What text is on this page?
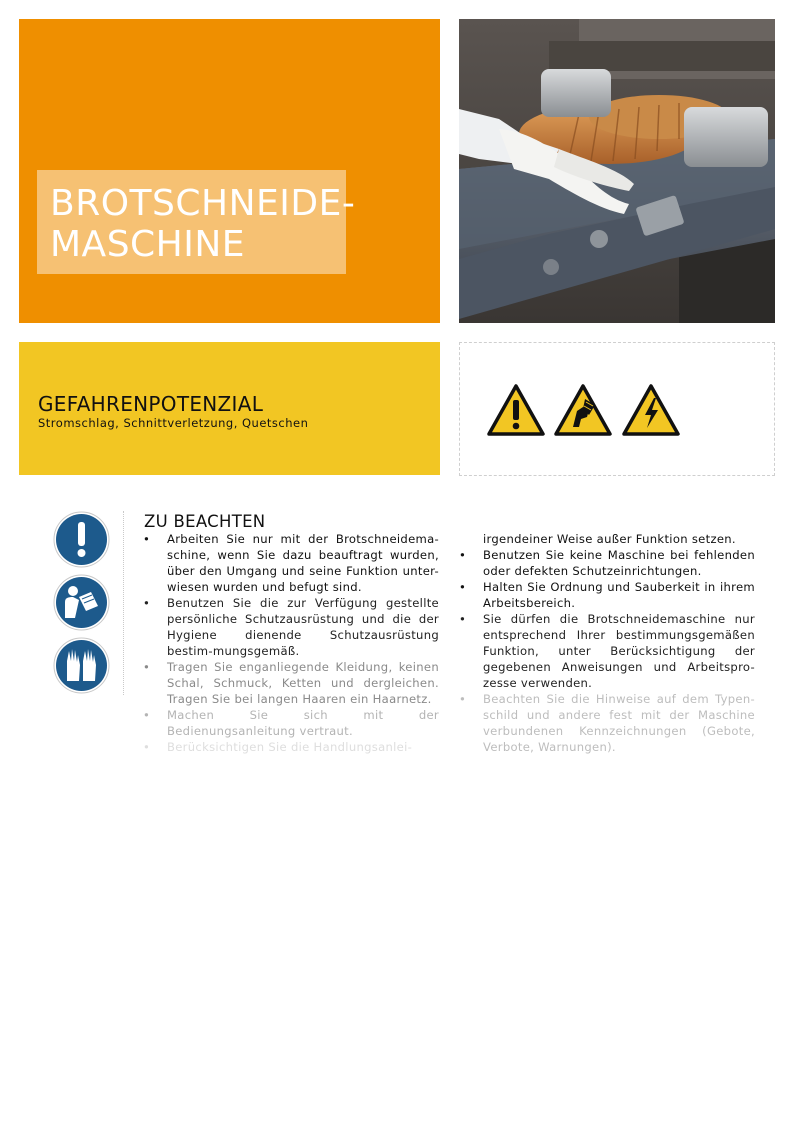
BROTSCHNEIDE-
MASCHINE
GEFAHRENPOTENZIAL
Stromschlag, Schnittverletzung, Quetschen
ZU BEACHTEN
• Arbeiten Sie nur mit der Brotschneidema-schine, wenn Sie dazu beauftragt wurden, über den Umgang und seine Funktion unter-wiesen wurden und befugt sind.
• Benutzen Sie die zur Verfügung gestellte persönliche Schutzausrüstung und die der Hygiene dienende Schutzausrüstung bestim-mungsgemäß.
• Tragen Sie enganliegende Kleidung, keinen Schal, Schmuck, Ketten und dergleichen. Tragen Sie bei langen Haaren ein Haarnetz.
• Machen Sie sich mit der Bedienungsanleitung vertraut.
• Berücksichtigen Sie die Handlungsanlei-
irgendeiner Weise außer Funktion setzen.
• Benutzen Sie keine Maschine bei fehlenden oder defekten Schutzeinrichtungen.
• Halten Sie Ordnung und Sauberkeit in ihrem Arbeitsbereich.
• Sie dürfen die Brotschneidemaschine nur entsprechend Ihrer bestimmungsgemäßen Funktion, unter Berücksichtigung der gegebenen Anweisungen und Arbeitspro-zesse verwenden.
• Beachten Sie die Hinweise auf dem Typen-schild und andere fest mit der Maschine verbundenen Kennzeichnungen (Gebote, Verbote, Warnungen).
